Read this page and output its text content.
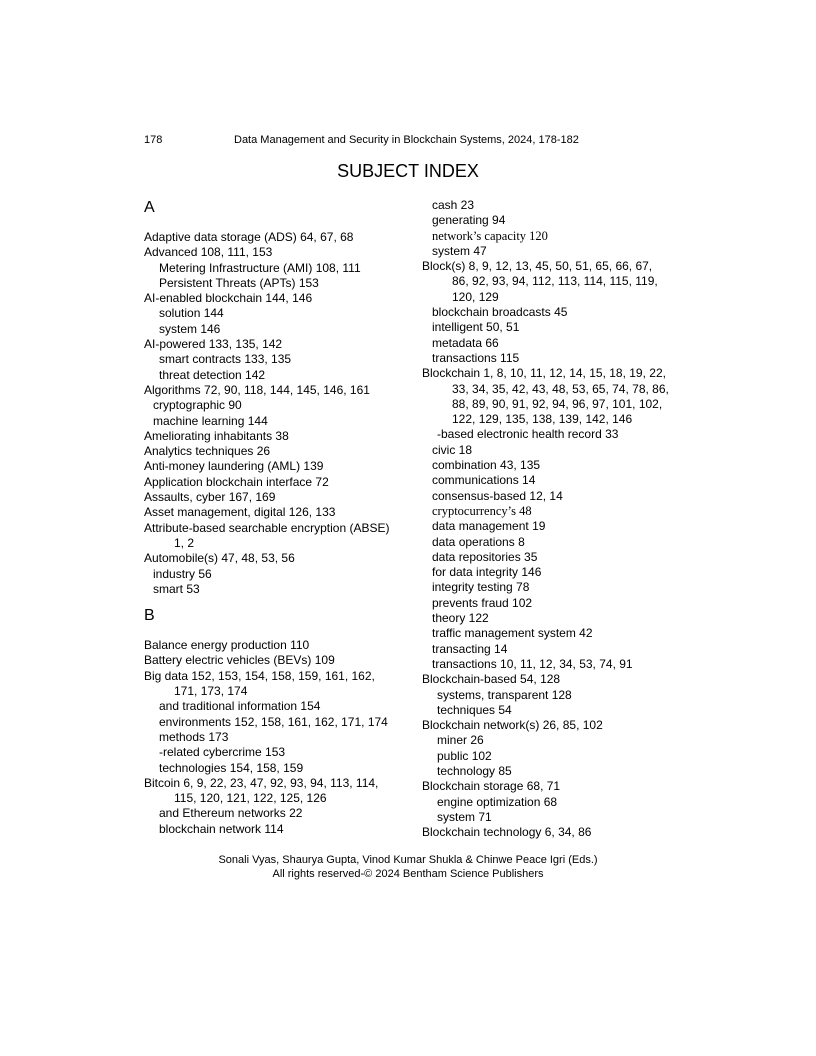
178	Data Management and Security in Blockchain Systems, 2024, 178-182
SUBJECT INDEX
A
Adaptive data storage (ADS) 64, 67, 68
Advanced 108, 111, 153
Metering Infrastructure (AMI) 108, 111
Persistent Threats (APTs) 153
AI-enabled blockchain 144, 146
solution 144
system 146
AI-powered 133, 135, 142
smart contracts 133, 135
threat detection 142
Algorithms 72, 90, 118, 144, 145, 146, 161
cryptographic 90
machine learning 144
Ameliorating inhabitants 38
Analytics techniques 26
Anti-money laundering (AML) 139
Application blockchain interface 72
Assaults, cyber 167, 169
Asset management, digital 126, 133
Attribute-based searchable encryption (ABSE)
1, 2
Automobile(s) 47, 48, 53, 56
industry 56
smart 53
B
Balance energy production 110
Battery electric vehicles (BEVs) 109
Big data 152, 153, 154, 158, 159, 161, 162,
171, 173, 174
and traditional information 154
environments 152, 158, 161, 162, 171, 174
methods 173
-related cybercrime 153
technologies 154, 158, 159
Bitcoin 6, 9, 22, 23, 47, 92, 93, 94, 113, 114,
115, 120, 121, 122, 125, 126
and Ethereum networks 22
blockchain network 114
cash 23
generating 94
network’s capacity 120
system 47
Block(s) 8, 9, 12, 13, 45, 50, 51, 65, 66, 67,
86, 92, 93, 94, 112, 113, 114, 115, 119,
120, 129
blockchain broadcasts 45
intelligent 50, 51
metadata 66
transactions 115
Blockchain 1, 8, 10, 11, 12, 14, 15, 18, 19, 22,
33, 34, 35, 42, 43, 48, 53, 65, 74, 78, 86,
88, 89, 90, 91, 92, 94, 96, 97, 101, 102,
122, 129, 135, 138, 139, 142, 146
-based electronic health record 33
civic 18
combination 43, 135
communications 14
consensus-based 12, 14
cryptocurrency’s 48
data management 19
data operations 8
data repositories 35
for data integrity 146
integrity testing 78
prevents fraud 102
theory 122
traffic management system 42
transacting 14
transactions 10, 11, 12, 34, 53, 74, 91
Blockchain-based 54, 128
systems, transparent 128
techniques 54
Blockchain network(s) 26, 85, 102
miner 26
public 102
technology 85
Blockchain storage 68, 71
engine optimization 68
system 71
Blockchain technology 6, 34, 86
Sonali Vyas, Shaurya Gupta, Vinod Kumar Shukla & Chinwe Peace Igri (Eds.)
All rights reserved-© 2024 Bentham Science Publishers
